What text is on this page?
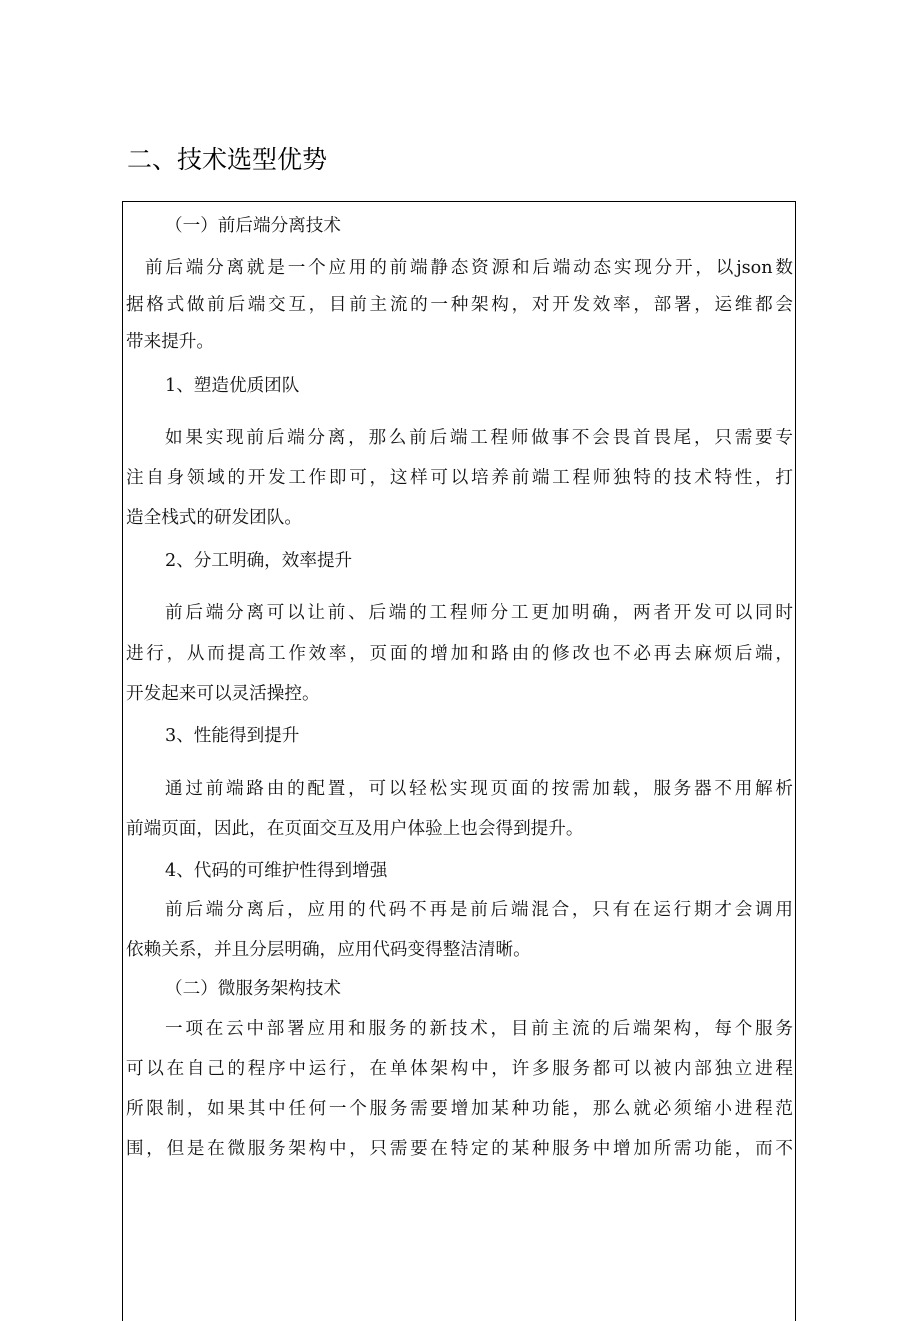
二、技术选型优势
（一）前后端分离技术
前后端分离就是一个应用的前端静态资源和后端动态实现分开，以json数
据格式做前后端交互，目前主流的一种架构，对开发效率，部署，运维都会
带来提升。
1、塑造优质团队
如果实现前后端分离，那么前后端工程师做事不会畏首畏尾，只需要专
注自身领域的开发工作即可，这样可以培养前端工程师独特的技术特性，打
造全栈式的研发团队。
2、分工明确，效率提升
前后端分离可以让前、后端的工程师分工更加明确，两者开发可以同时
进行，从而提高工作效率，页面的增加和路由的修改也不必再去麻烦后端，
开发起来可以灵活操控。
3、性能得到提升
通过前端路由的配置，可以轻松实现页面的按需加载，服务器不用解析
前端页面，因此，在页面交互及用户体验上也会得到提升。
4、代码的可维护性得到增强
前后端分离后，应用的代码不再是前后端混合，只有在运行期才会调用
依赖关系，并且分层明确，应用代码变得整洁清晰。
（二）微服务架构技术
一项在云中部署应用和服务的新技术，目前主流的后端架构，每个服务
可以在自己的程序中运行，在单体架构中，许多服务都可以被内部独立进程
所限制，如果其中任何一个服务需要增加某种功能，那么就必须缩小进程范
围，但是在微服务架构中，只需要在特定的某种服务中增加所需功能，而不
